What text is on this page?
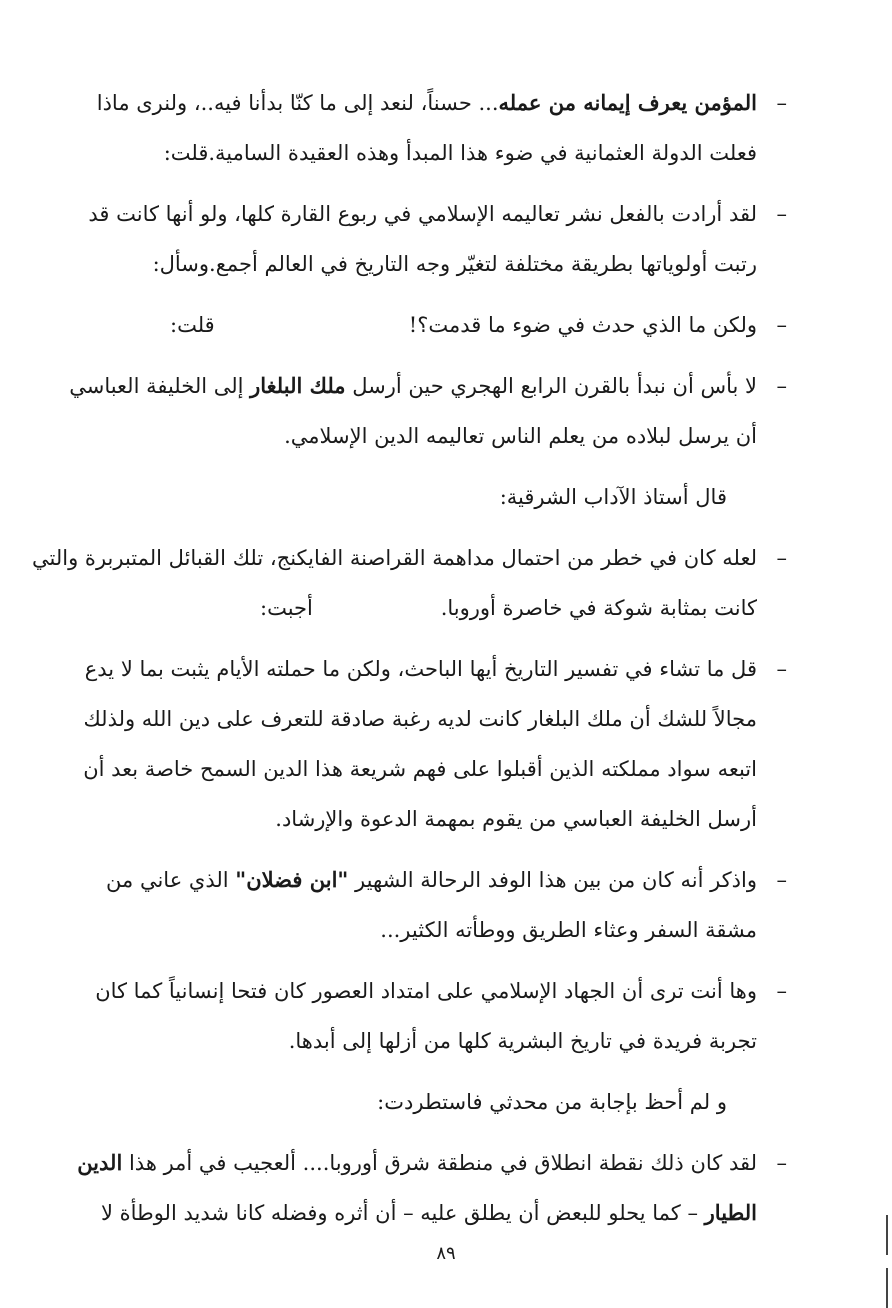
–
المؤمن يعرف إيمانه من عمله... حسناً، لنعد إلى ما كنّا بدأنا فيه..، ولنرى ماذا
فعلت الدولة العثمانية في ضوء هذا المبدأ وهذه العقيدة السامية.
قلت:
–
لقد أرادت بالفعل نشر تعاليمه الإسلامي في ربوع القارة كلها، ولو أنها كانت قد
رتبت أولوياتها بطريقة مختلفة لتغيّر وجه التاريخ في العالم أجمع.
وسأل:
–
ولكن ما الذي حدث في ضوء ما قدمت؟!
قلت:
–
لا بأس أن نبدأ بالقرن الرابع الهجري حين أرسل ملك البلغار إلى الخليفة العباسي
أن يرسل لبلاده من يعلم الناس تعاليمه الدين الإسلامي.
قال أستاذ الآداب الشرقية:
–
لعله كان في خطر من احتمال مداهمة القراصنة الفايكنج، تلك القبائل المتبربرة والتي
كانت بمثابة شوكة في خاصرة أوروبا.
أجبت:
–
قل ما تشاء في تفسير التاريخ أيها الباحث، ولكن ما حملته الأيام يثبت بما لا يدع
مجالاً للشك أن ملك البلغار كانت لديه رغبة صادقة للتعرف على دين الله ولذلك
اتبعه سواد مملكته الذين أقبلوا على فهم شريعة هذا الدين السمح خاصة بعد أن
أرسل الخليفة العباسي من يقوم بمهمة الدعوة والإرشاد.
–
واذكر أنه كان من بين هذا الوفد الرحالة الشهير "ابن فضلان" الذي عاني من
مشقة السفر وعثاء الطريق ووطأته الكثير...
–
وها أنت ترى أن الجهاد الإسلامي على امتداد العصور كان فتحا إنسانياً كما كان
تجربة فريدة في تاريخ البشرية كلها من أزلها إلى أبدها.
و لم أحظ بإجابة من محدثي فاستطردت:
–
لقد كان ذلك نقطة انطلاق في منطقة شرق أوروبا.... ألعجيب في أمر هذا الدين
الطيار – كما يحلو للبعض أن يطلق عليه – أن أثره وفضله كانا شديد الوطأة لا
٨٩
